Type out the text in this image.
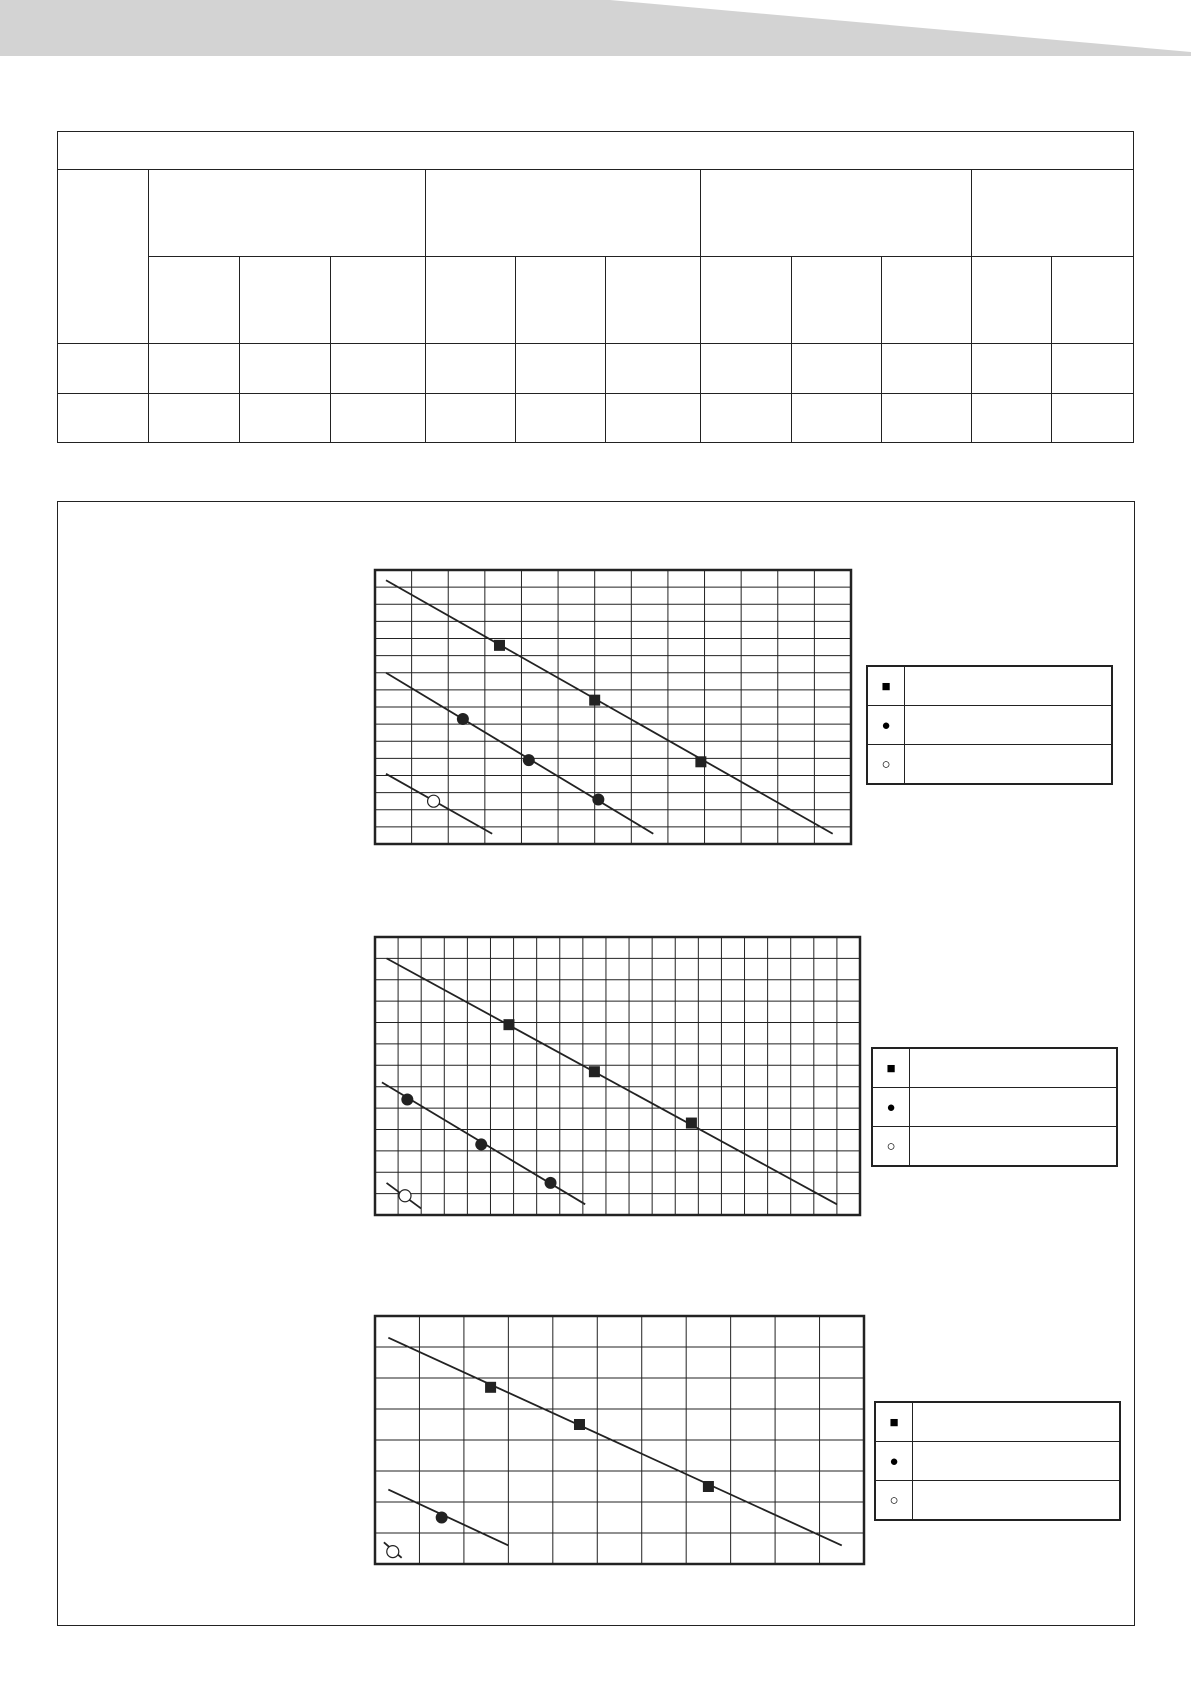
■	
●	
○	
■	
●	
○	
■	
●	
○	
